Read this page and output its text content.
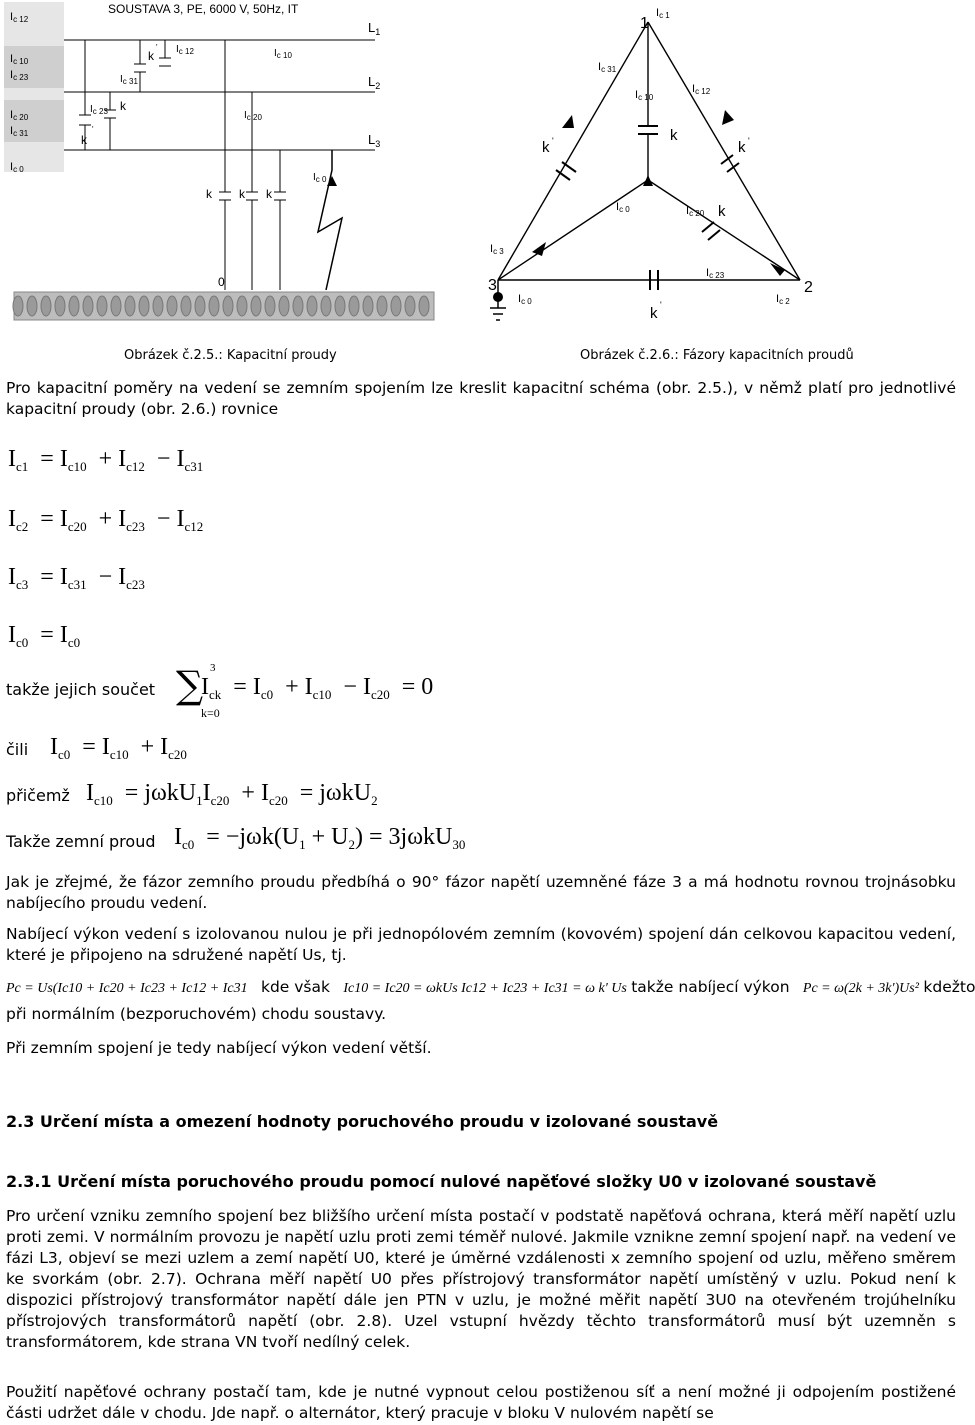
Ic 12
Ic 10
Ic 23
Ic 20
Ic 31
Ic 0
SOUSTAVA 3, PE, 6000 V, 50Hz, IT
k
'
k
k
'
k k k
$I_{c 12}$	$I_{c 10}$
$I_{c 31}$
$I_{c 23}$	$I_{c 20}$
$I_{c 0}$
$L_1$
$L_2$
$L_3$
0
Obrázek č.2.5.: Kapacitní proudy
1
2
3
Ic 1
Ic 31
Ic 10
Ic 12
Ic 0	Ic 20
Ic 3
Ic 23
Ic 0	Ic 2
k
k '	k '
k
k '
Obrázek č.2.6.: Fázory kapacitních proudů
Pro kapacitní poměry na vedení se zemním spojením lze kreslit kapacitní schéma (obr. 2.5.), v němž platí pro jednotlivé kapacitní proudy (obr. 2.6.) rovnice
$I_{c1} = I_{c10} + I_{c12} - I_{c31}$
$I_{c2} = I_{c20} + I_{c23} - I_{c12}$
$I_{c3} = I_{c31} - I_{c23}$
$I_{c0} = I_{c0}$
takže jejich součet
3
∑
k=0
$I_{ck} = I_{c0} + I_{c10} - I_{c20} = 0$
čili $I_{c0} = I_{c10} + I_{c20}$
přičemž $I_{c10} = j\omega kU_1I_{c20} + I_{c20} = j\omega kU_2$
Takže zemní proud $I_{c0} = -j\omega k(U_1 + U_2) = 3j\omega kU_{30}$
Jak je zřejmé, že fázor zemního proudu předbíhá o 90° fázor napětí uzemněné fáze 3 a má hodnotu rovnou trojnásobku nabíjecího proudu vedení.
Nabíjecí výkon vedení s izolovanou nulou je při jednopólovém zemním (kovovém) spojení dán celkovou kapacitou vedení, které je připojeno na sdružené napětí Us, tj.
Pc = Us(Ic10 + Ic20 + Ic23 + Ic12 + Ic31 kde však Ic10 = Ic20 = ωkUs Ic12 + Ic23 + Ic31 = ω k' Us takže nabíjecí výkon Pc = ω(2k + 3k')Us² kdežto
při normálním (bezporuchovém) chodu soustavy.
Při zemním spojení je tedy nabíjecí výkon vedení větší.
2.3 Určení místa a omezení hodnoty poruchového proudu v izolované soustavě
2.3.1 Určení místa poruchového proudu pomocí nulové napěťové složky U0 v izolované soustavě
Pro určení vzniku zemního spojení bez bližšího určení místa postačí v podstatě napěťová ochrana, která měří napětí uzlu proti zemi. V normálním provozu je napětí uzlu proti zemi téměř nulové. Jakmile vznikne zemní spojení např. na vedení ve fázi L3, objeví se mezi uzlem a zemí napětí U0, které je úměrné vzdálenosti x zemního spojení od uzlu, měřeno směrem ke svorkám (obr. 2.7). Ochrana měří napětí U0 přes přístrojový transformátor napětí umístěný v uzlu. Pokud není k dispozici přístrojový transformátor napětí dále jen PTN v uzlu, je možné měřit napětí 3U0 na otevřeném trojúhelníku přístrojových transformátorů napětí (obr. 2.8). Uzel vstupní hvězdy těchto transformátorů musí být uzemněn s transformátorem, kde strana VN tvoří nedílný celek.
Použití napěťové ochrany postačí tam, kde je nutné vypnout celou postiženou síť a není možné ji odpojením postižené části udržet dále v chodu. Jde např. o alternátor, který pracuje v bloku V nulovém napětí se
